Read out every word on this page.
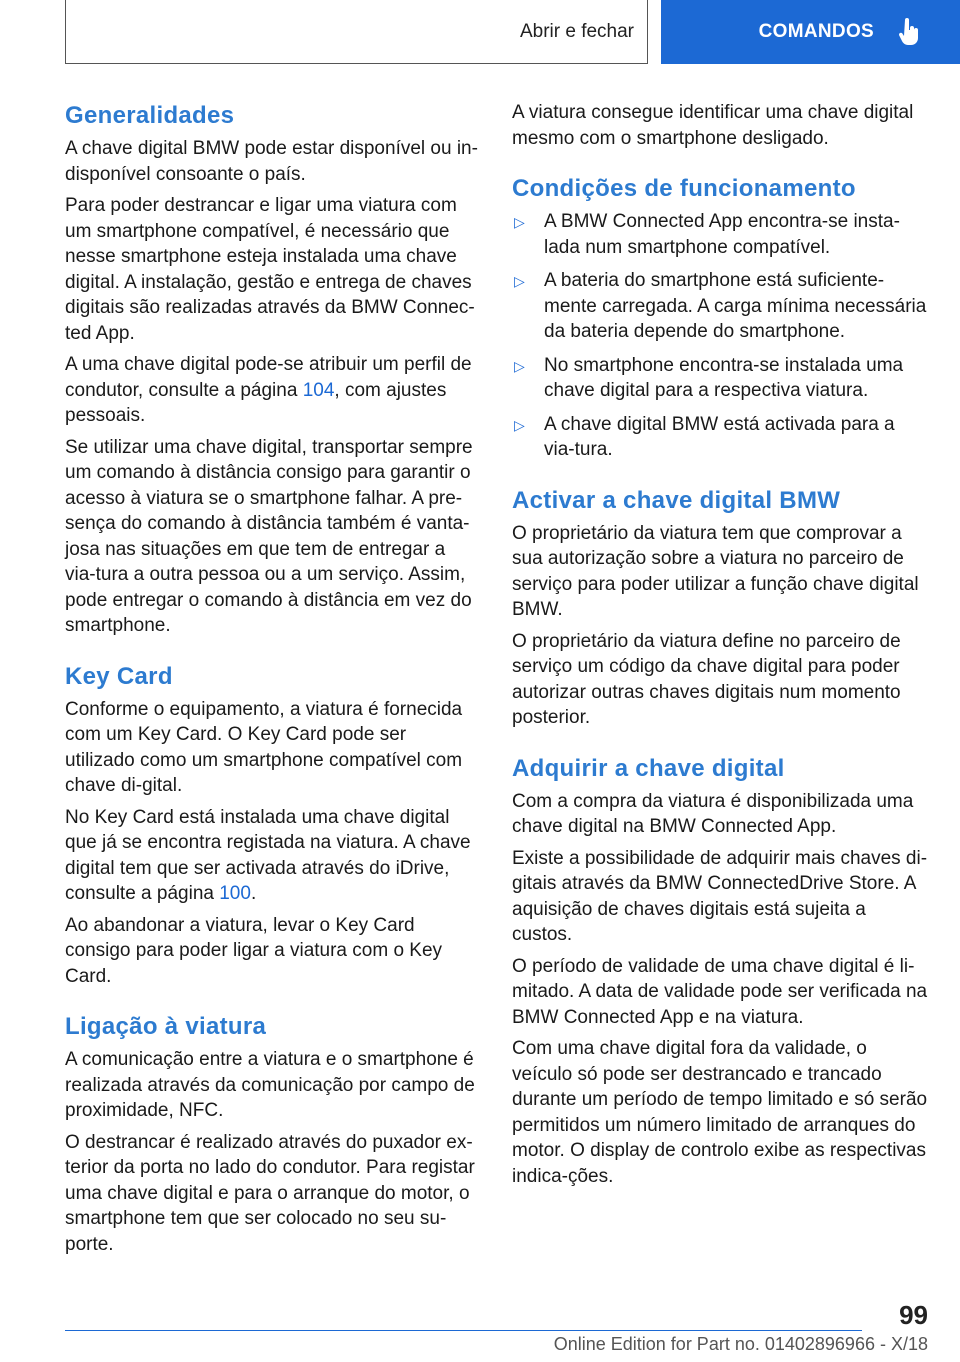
Abrir e fechar	COMANDOS
Generalidades

A chave digital BMW pode estar disponível ou in-disponível consoante o país.

Para poder destrancar e ligar uma viatura com um smartphone compatível, é necessário que nesse smartphone esteja instalada uma chave digital. A instalação, gestão e entrega de chaves digitais são realizadas através da BMW Connec-ted App.

A uma chave digital pode-se atribuir um perfil de condutor, consulte a página 104, com ajustes pessoais.

Se utilizar uma chave digital, transportar sempre um comando à distância consigo para garantir o acesso à viatura se o smartphone falhar. A pre-sença do comando à distância também é vanta-josa nas situações em que tem de entregar a via-tura a outra pessoa ou a um serviço. Assim, pode entregar o comando à distância em vez do smartphone.

Key Card

Conforme o equipamento, a viatura é fornecida com um Key Card. O Key Card pode ser utilizado como um smartphone compatível com chave di-gital.

No Key Card está instalada uma chave digital que já se encontra registada na viatura. A chave digital tem que ser activada através do iDrive, consulte a página 100.

Ao abandonar a viatura, levar o Key Card consigo para poder ligar a viatura com o Key Card.

Ligação à viatura

A comunicação entre a viatura e o smartphone é realizada através da comunicação por campo de proximidade, NFC.

O destrancar é realizado através do puxador ex-terior da porta no lado do condutor. Para registar uma chave digital e para o arranque do motor, o smartphone tem que ser colocado no seu su-porte.

A viatura consegue identificar uma chave digital mesmo com o smartphone desligado.

Condições de funcionamento
▷	A BMW Connected App encontra-se insta-lada num smartphone compatível.
▷	A bateria do smartphone está suficiente-mente carregada. A carga mínima necessária da bateria depende do smartphone.
▷	No smartphone encontra-se instalada uma chave digital para a respectiva viatura.
▷	A chave digital BMW está activada para a via-tura.
Activar a chave digital BMW

O proprietário da viatura tem que comprovar a sua autorização sobre a viatura no parceiro de serviço para poder utilizar a função chave digital BMW.

O proprietário da viatura define no parceiro de serviço um código da chave digital para poder autorizar outras chaves digitais num momento posterior.

Adquirir a chave digital

Com a compra da viatura é disponibilizada uma chave digital na BMW Connected App.

Existe a possibilidade de adquirir mais chaves di-gitais através da BMW ConnectedDrive Store. A aquisição de chaves digitais está sujeita a custos.

O período de validade de uma chave digital é li-mitado. A data de validade pode ser verificada na BMW Connected App e na viatura.

Com uma chave digital fora da validade, o veículo só pode ser destrancado e trancado durante um período de tempo limitado e só serão permitidos um número limitado de arranques do motor. O display de controlo exibe as respectivas indica-ções.

99
Online Edition for Part no. 01402896966 - X/18
